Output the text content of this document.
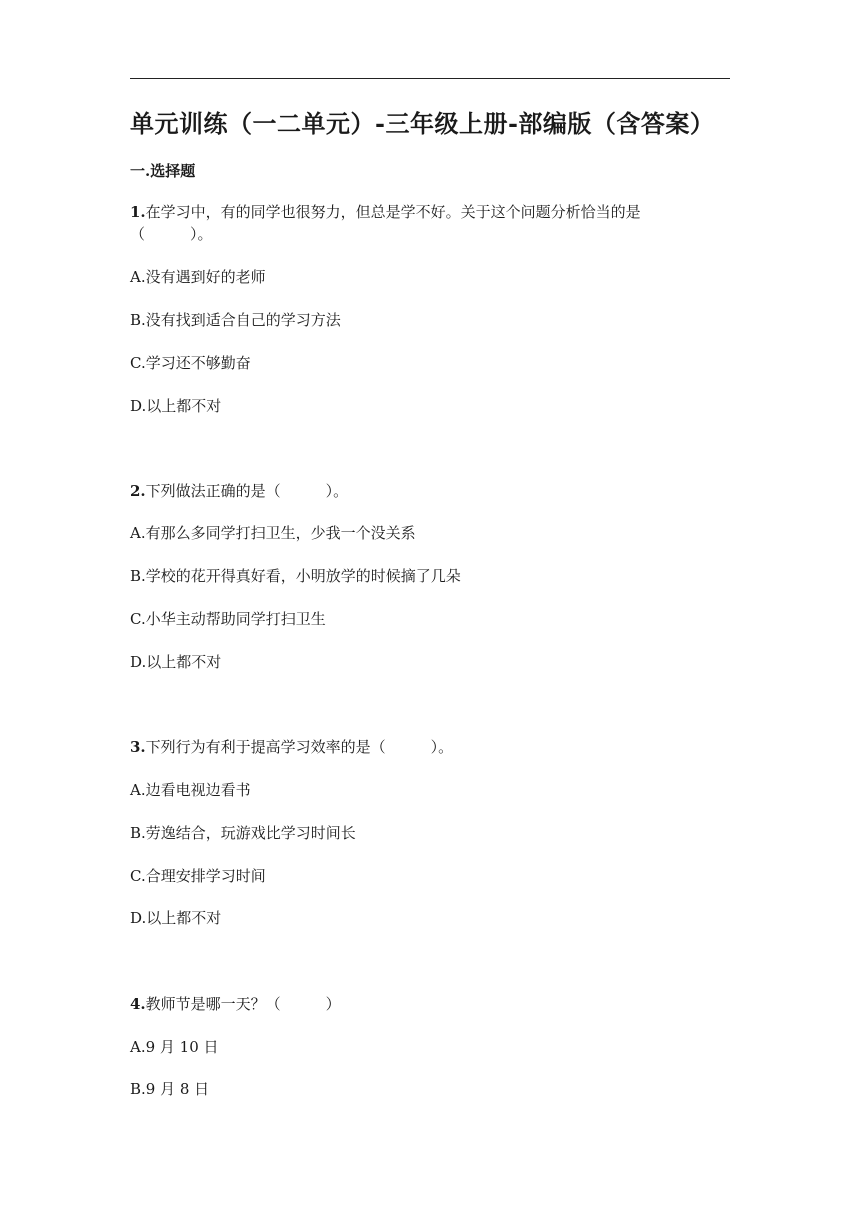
单元训练（一二单元）-三年级上册-部编版（含答案）
一.选择题
1.在学习中，有的同学也很努力，但总是学不好。关于这个问题分析恰当的是
（　　　）。
A.没有遇到好的老师
B.没有找到适合自己的学习方法
C.学习还不够勤奋
D.以上都不对
2.下列做法正确的是（　　　）。
A.有那么多同学打扫卫生，少我一个没关系
B.学校的花开得真好看，小明放学的时候摘了几朵
C.小华主动帮助同学打扫卫生
D.以上都不对
3.下列行为有利于提高学习效率的是（　　　）。
A.边看电视边看书
B.劳逸结合，玩游戏比学习时间长
C.合理安排学习时间
D.以上都不对
4.教师节是哪一天？（　　　）
A.9 月 10 日
B.9 月 8 日
